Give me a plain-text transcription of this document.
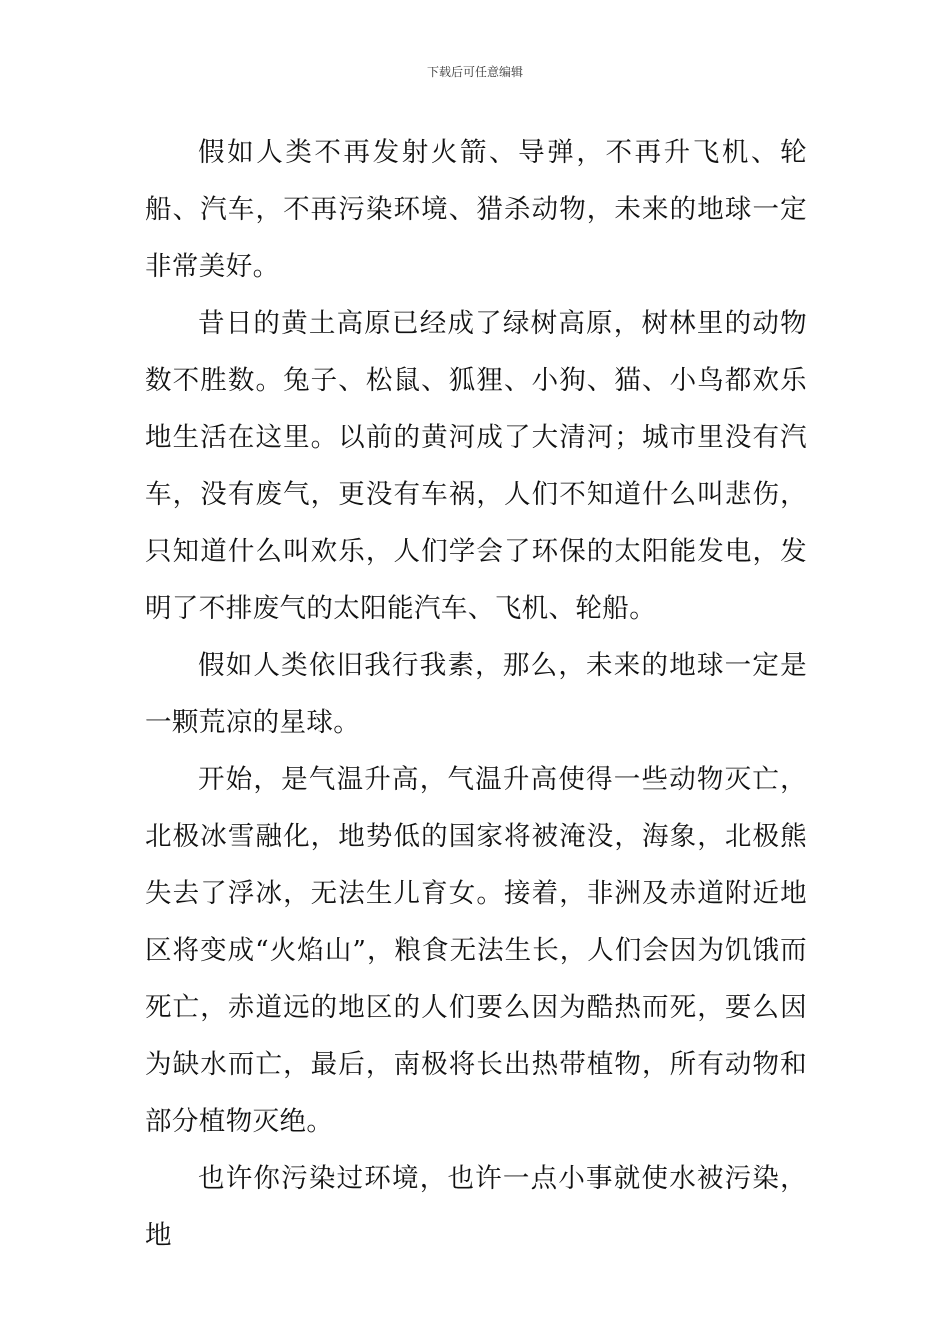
下载后可任意编辑

假如人类不再发射火箭、导弹，不再升飞机、轮船、汽车，不再污染环境、猎杀动物，未来的地球一定非常美好。

昔日的黄土高原已经成了绿树高原，树林里的动物数不胜数。兔子、松鼠、狐狸、小狗、猫、小鸟都欢乐地生活在这里。以前的黄河成了大清河；城市里没有汽车，没有废气，更没有车祸，人们不知道什么叫悲伤，只知道什么叫欢乐，人们学会了环保的太阳能发电，发明了不排废气的太阳能汽车、飞机、轮船。

假如人类依旧我行我素，那么，未来的地球一定是一颗荒凉的星球。

开始，是气温升高，气温升高使得一些动物灭亡，北极冰雪融化，地势低的国家将被淹没，海象，北极熊失去了浮冰，无法生儿育女。接着，非洲及赤道附近地区将变成“火焰山”，粮食无法生长，人们会因为饥饿而死亡，赤道远的地区的人们要么因为酷热而死，要么因为缺水而亡，最后，南极将长出热带植物，所有动物和部分植物灭绝。

也许你污染过环境，也许一点小事就使水被污染，地
